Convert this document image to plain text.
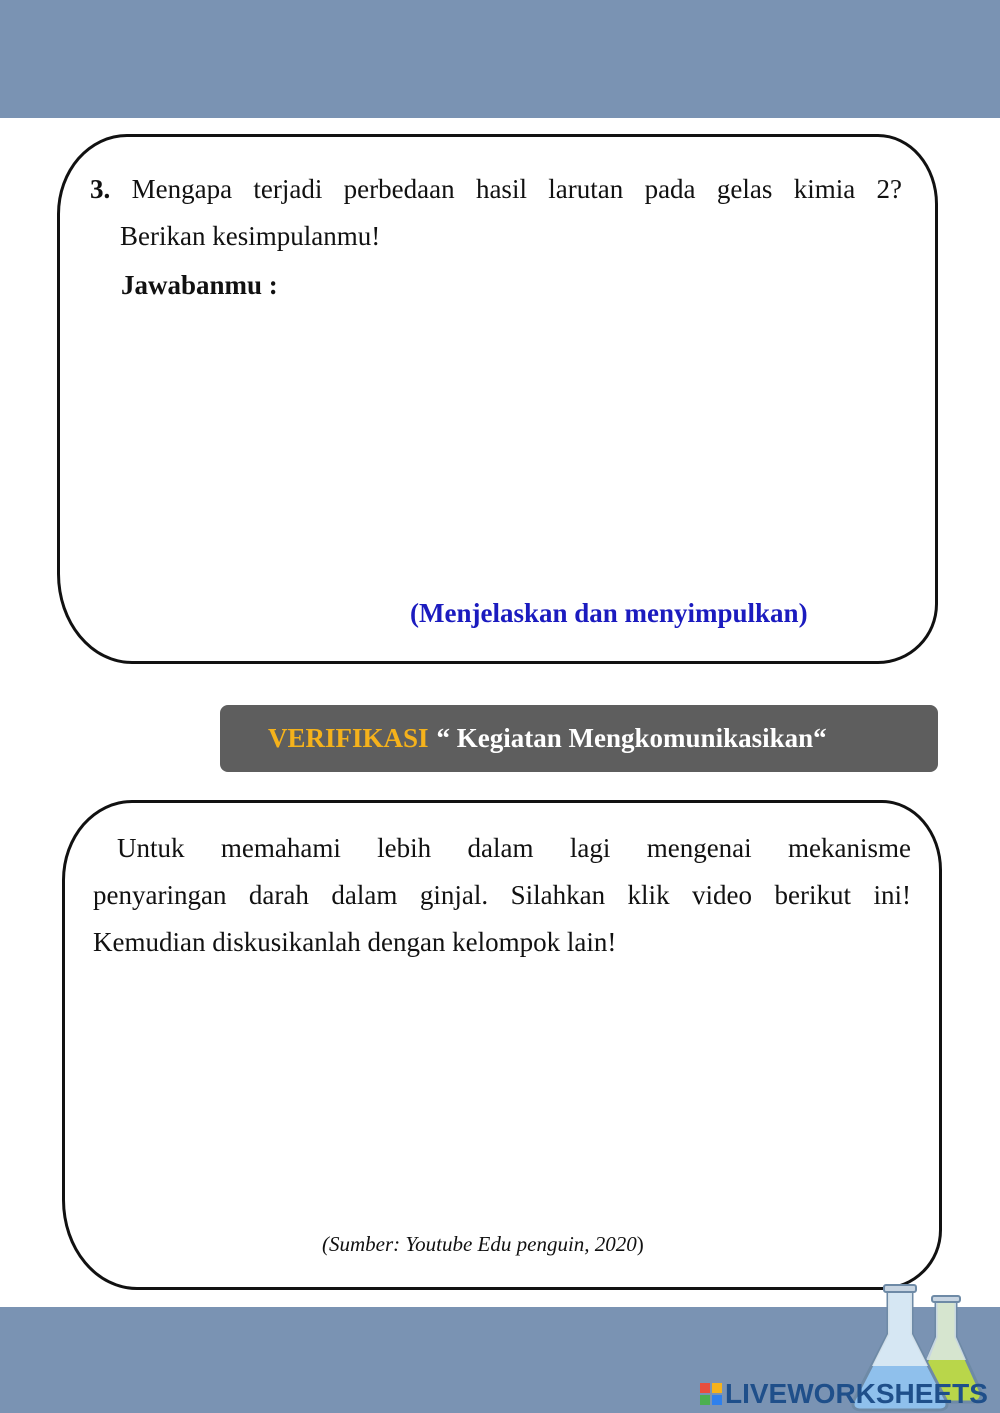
3. Mengapa terjadi perbedaan hasil larutan pada gelas kimia 2?
Berikan kesimpulanmu!
Jawabanmu :
(Menjelaskan dan menyimpulkan)
VERIFIKASI “ Kegiatan Mengkomunikasikan“
Untuk memahami lebih dalam lagi mengenai mekanisme
penyaringan darah dalam ginjal. Silahkan klik video berikut ini!
Kemudian diskusikanlah dengan kelompok lain!
(Sumber: Youtube Edu penguin, 2020)
LIVEWORKSHEETS
